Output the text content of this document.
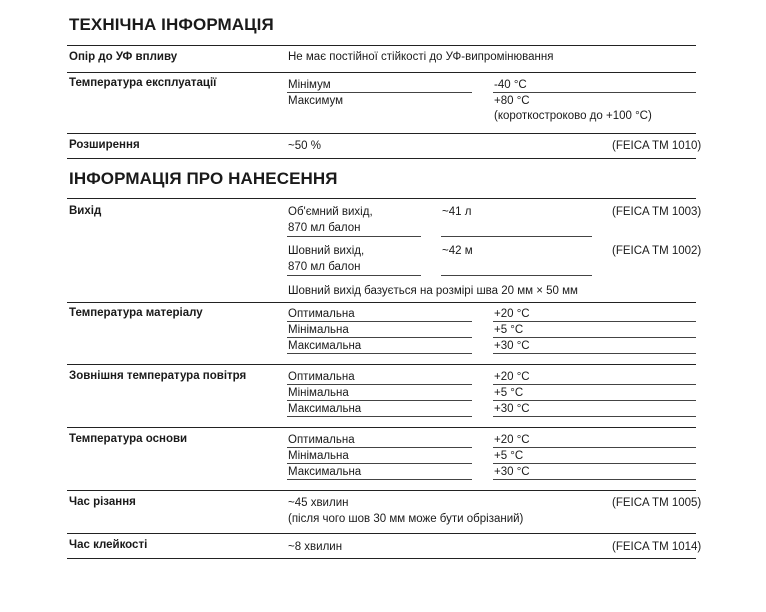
ТЕХНІЧНА ІНФОРМАЦІЯ
Опір до УФ впливу	Не має постійної стійкості до УФ-випромінювання
Температура експлуатації	Мінімум	-40 °C
Максимум	+80 °C
(короткостроково до +100 °C)
Розширення	~50 %	(FEICA TM 1010)
ІНФОРМАЦІЯ ПРО НАНЕСЕННЯ
Вихід	Об'ємний вихід,
870 мл балон
~41 л	(FEICA TM 1003)
Шовний вихід,
870 мл балон
~42 м	(FEICA TM 1002)
Шовний вихід базується на розмірі шва 20 мм × 50 мм
Температура матеріалу	Оптимальна	+20 °C
Мінімальна	+5 °C
Максимальна	+30 °C
Зовнішня температура повітря	Оптимальна	+20 °C
Мінімальна	+5 °C
Максимальна	+30 °C
Температура основи	Оптимальна	+20 °C
Мінімальна	+5 °C
Максимальна	+30 °C
Час різання	~45 хвилин	(FEICA TM 1005)
(після чого шов 30 мм може бути обрізаний)
Час клейкості	~8 хвилин	(FEICA TM 1014)
